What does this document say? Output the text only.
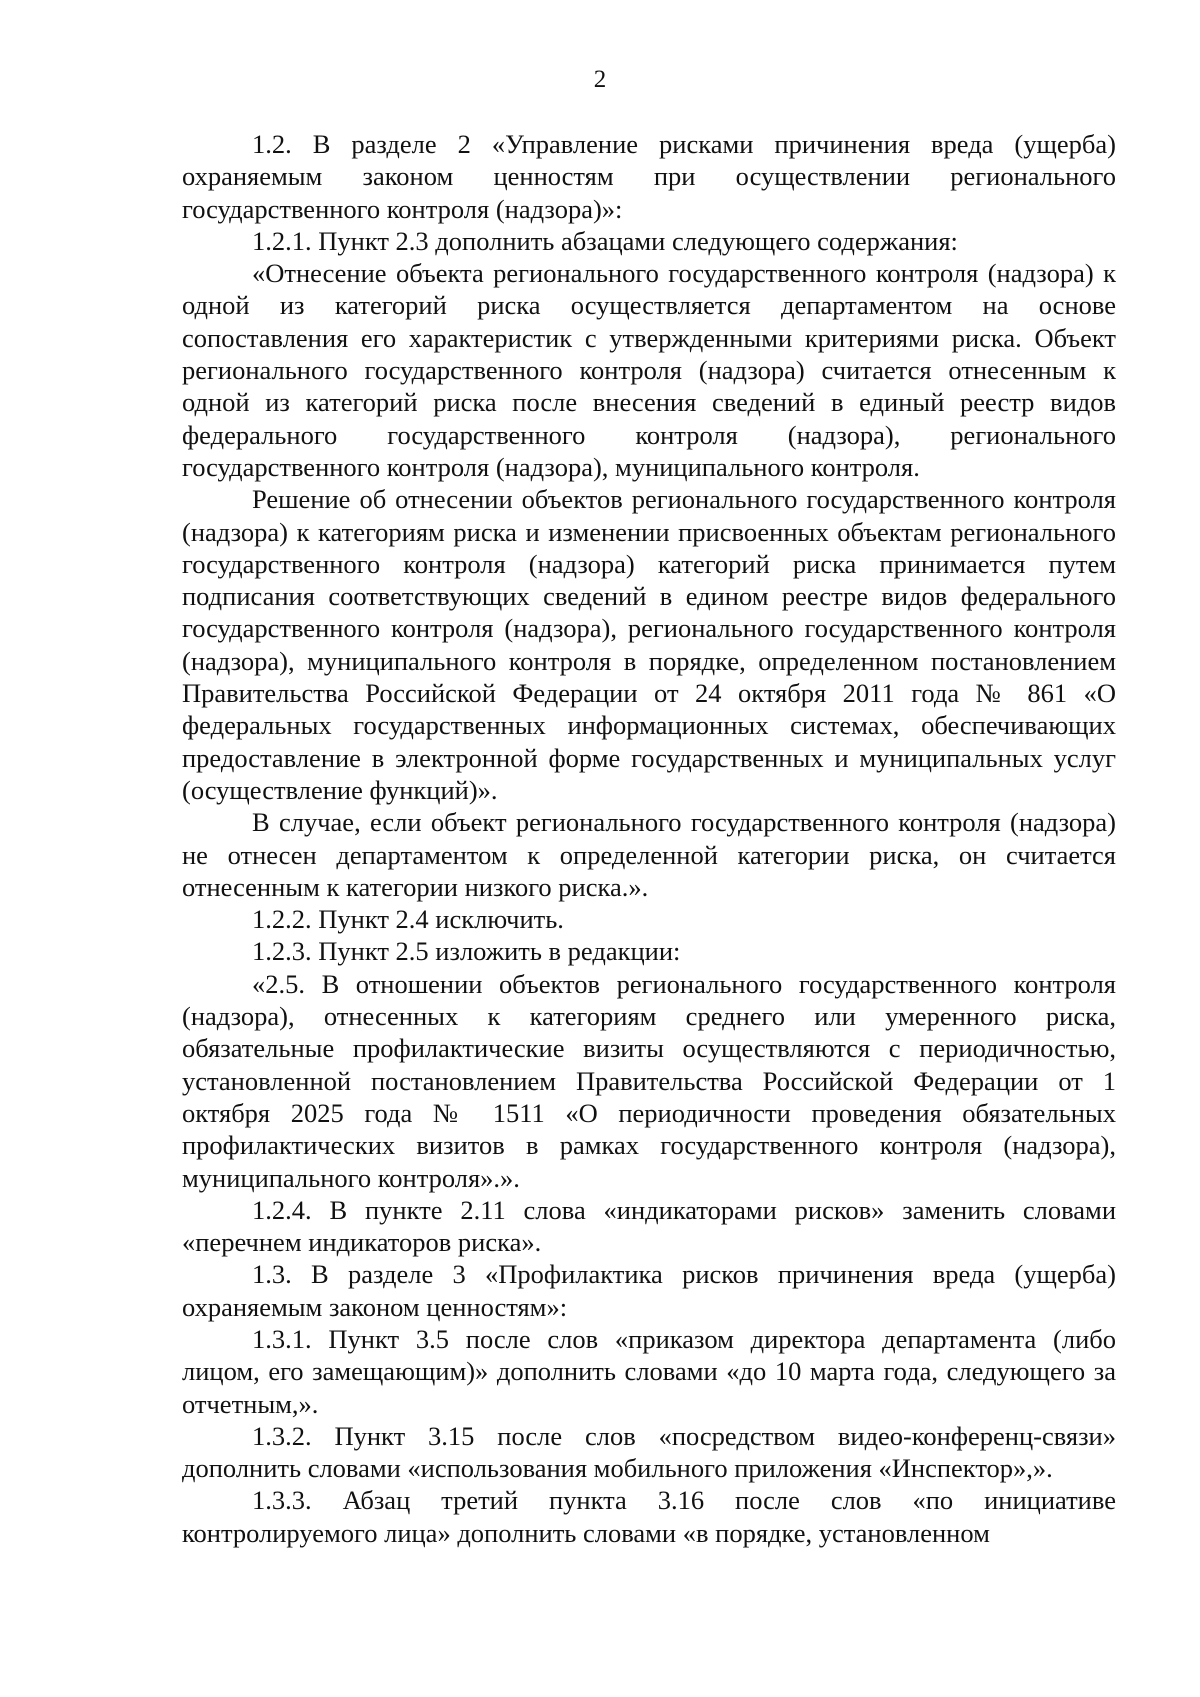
2

1.2. В разделе 2 «Управление рисками причинения вреда (ущерба) охраняемым законом ценностям при осуществлении регионального государственного контроля (надзора)»:

1.2.1. Пункт 2.3 дополнить абзацами следующего содержания:

«Отнесение объекта регионального государственного контроля (надзора) к одной из категорий риска осуществляется департаментом на основе сопоставления его характеристик с утвержденными критериями риска. Объект регионального государственного контроля (надзора) считается отнесенным к одной из категорий риска после внесения сведений в единый реестр видов федерального государственного контроля (надзора), регионального государственного контроля (надзора), муниципального контроля.

Решение об отнесении объектов регионального государственного контроля (надзора) к категориям риска и изменении присвоенных объектам регионального государственного контроля (надзора) категорий риска принимается путем подписания соответствующих сведений в едином реестре видов федерального государственного контроля (надзора), регионального государственного контроля (надзора), муниципального контроля в порядке, определенном постановлением Правительства Российской Федерации от 24 октября 2011 года № 861 «О федеральных государственных информационных системах, обеспечивающих предоставление в электронной форме государственных и муниципальных услуг (осуществление функций)».

В случае, если объект регионального государственного контроля (надзора) не отнесен департаментом к определенной категории риска, он считается отнесенным к категории низкого риска.».

1.2.2. Пункт 2.4 исключить.

1.2.3. Пункт 2.5 изложить в редакции:

«2.5. В отношении объектов регионального государственного контроля (надзора), отнесенных к категориям среднего или умеренного риска, обязательные профилактические визиты осуществляются с периодичностью, установленной постановлением Правительства Российской Федерации от 1 октября 2025 года № 1511 «О периодичности проведения обязательных профилактических визитов в рамках государственного контроля (надзора), муниципального контроля».».

1.2.4. В пункте 2.11 слова «индикаторами рисков» заменить словами «перечнем индикаторов риска».

1.3. В разделе 3 «Профилактика рисков причинения вреда (ущерба) охраняемым законом ценностям»:

1.3.1. Пункт 3.5 после слов «приказом директора департамента (либо лицом, его замещающим)» дополнить словами «до 10 марта года, следующего за отчетным,».

1.3.2. Пункт 3.15 после слов «посредством видео-конференц-связи» дополнить словами «использования мобильного приложения «Инспектор»,».

1.3.3. Абзац третий пункта 3.16 после слов «по инициативе контролируемого лица» дополнить словами «в порядке, установленном
